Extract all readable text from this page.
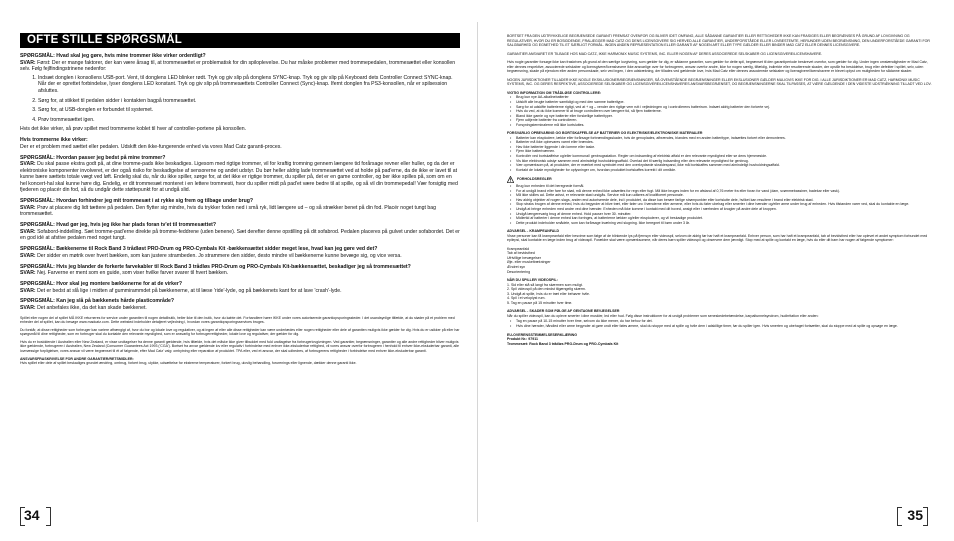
OFTE STILLE SPØRGSMÅL
SPØRGSMÅL: Hvad skal jeg gøre, hvis mine trommer ikke virker ordentligt?
SVAR: Først: Der er mange faktorer, der kan være årsag til, at trommesættet er problematisk for din spilopleveIse. Du har måske problemer med trommepedalen, trommesættet eller konsollen selv. Følg fejlfindingstrinene nedenfor:
1. Indsæt donglen i konsollens USB-port. Vent, til donglens LED blinker rødt. Tryk og giv slip på donglens SYNC-knap. Tryk og giv slip på Keyboard dets Controller Connect SYNC-knap. Når der er oprettet forbindelse, lyser donglens LED konstant. Tryk og giv slip på trommesættets Controller Connect (Sync)-knap. Ifernt donglen fra PS3-konsollen, når er spilsession afsluttes.
2. Sørg for, at stikket til pedalen sidder i kontakten bagpå trommesættet.
3. Sørg for, at USB-donglen er forbundet til systemet.
4. Prøv trommesættet igen.
Hvis det ikke virker, så prøv spillet med trommerne koblet til hver af controller-portene på konsollen.
Hvis trommerne ikke virker:
Der er et problem med sættet eller pedalen. Udskift den ikke-fungerende enhed via vores Mad Catz garanti-proces.
SPØRGSMÅL: Hvordan passer jeg bedst på mine trommer?
SVAR: Du skal passe ekstra godt på, at dine tromme-pads ikke beskadiges. Ligesom med rigtige trommer, vil for kraftig tromning gennem længere tid forårsage revner eller huller, og da der er elektroniske komponenter involveret, er der også risiko for beskadigelse af sensorerne og andet udstyr. Du bør heller aldrig lade trommesættet ved at holde på pad'erne, da de ikke er lavet til at kunne bære sættets totale vægt ved løft. Endelig skal du, når du ikke spiller, sørge for, at det ikke er rigtige trommer, du spiller på, det er en game controller, og ber ikke spilles på, som om en hel koncert-hal skal kunne høre dig. Endelig, er dit trommesæt monteret i en lettere trommesti, hvor du spiller midt på pad'et være bedre til at spille, og så vil din trommepedal! Vær forsigtig med fjederen og placér din fod, så du undgår dette støttepunkt for at undgå slid.
SPØRGSMÅL: Hvordan forhindrer jeg mit trommesæt i at rykke sig frem og tilbage under brug?
SVAR: Prøv at placere dig lidt tættere på pedalen. Den flytter sig mindre, hvis du trykker foden ned i små ryk, lidt længere ud – og så strækker benet på din fod. Placér noget tungt bag trommesættet.
SPØRGSMÅL: Hvad gør jeg, hvis jeg ikke har plads foran tv'et til trommesættet?
SVAR: Sofabord-inddelling. Sæt tromme-pad'erne direkte på tromme-feddrene (uden benene). Sæt derefter denne opstilling på dit sofabrod. Pedalen placeres på gulvet under sofabordet. Det er en god idé at afstive pedalen med noget tungt.
SPØRGSMÅL: Bækkenerne til Rock Band 3 trådløst PRO-Drum og PRO-Cymbals Kit -bækkensættet sidder meget lese, hvad kan jeg gøre ved det?
SVAR: Der sidder en møtrik over hvert bækken, som kan justere strambeden. Jo strammere den sidder, desto mindre vil bækkenerne kunne bevæge sig, og vice versa.
SPØRGSMÅL: Hvis jeg blander de forkerte farvekabler til Rock Band 3 trådløs PRO-Drum og PRO-Cymbals Kit-bækkensættet, beskadiger jeg så trommesættet?
SVAR: Nej. Farverne er ment som en guide, som viser hvilke farver svarer til hvert bækken.
SPØRGSMÅL: Hvor skal jeg montere bækkenerne for at de virker?
SVAR: Det er bedst at slå lige i midten af gummirammdet på bækkenerne, at til læse 'ride'-lyde, og på bækkenets kant for at lave 'crash'-lyde.
SPØRGSMÅL: Kan jeg slå på bækkenets hårde plasticområde?
SVAR: Det anbefales ikke, da det kan skade bækkenet.

Spillet eller nogen del af spillet MÅ IKKE returneres for service under garantien til nogen detailbutik, heller ikke til den butik, hvor du købte det. Forhandlere hører IKKE under vores autoriserede garantiopsporingssteder. I det usandsynlige tilfælde, at du støder på et problem med enheder del af spillet, kan du besøge www.madcatz.com. Dette websted indeholder detaljeret vejledning i, hvordan vores garantiopsporingsservices bruges.

Du forstår, at disse rettigheder som forbruger kan variere afhængigt af, hvor du bor og lokale love og regulativer, og at ingen af eller alle disse rettigheder kan være underlædes eller nogen rettigheder eller dele af garantien muligvis ikke gælder for dig. Hvis du er usikker på eller har spørgsmål til dine rettigheder, som en forbruger skal du kontakte den relevante myndighed, som er ansvarlig for forbrugerrettigheder, lokale love og regulativer, der gælder for dig.

Hvis du er bosiddende i Australien eller New Zealand, er visse undtagelser fra denne garanti gældende, hvis tilfælde, hvis det måske ikke giver tilbuddet med fuld undtagelse fra forbrugerlovgivningen. Ved garantier, begrænsninger, garantier og alle andre rettigheder bliver muligvis ikke gældende, forbrugeren i Australien, New Zealand (Consumer Guarantees Act 1993 ('CGA'). Bortset fra anvar gældende lov eller regulativ i forbindelse med enhver ikke-eksluderbar rettighed, vil vores ansvar overfor forbrugeren i henhold til enhver ikke-eksluderbar garanti, alle lovmæssige forpligtelser, vores ansvar vil være begrænset til ét af følgende, efter Mad Catz' valg: ombytning eller reparation af produktet. TPA eller, ved et ansvar, der skal udbedres, af forbrugerens rettigheder i forbindelse med enhver ikke-eksluderbar garanti.

ANSVARSFRASKRIVELSE FOR ANDRE GARANTIER/RETSMIDLER:

Hvis spillet eller dele af spillet beskadiges grundet ændring, ombrug, forkert brug, ulykke, udsættelse for ekstreme temperaturer, forkert brug, ulovlig behandling, forurenings eller lignende, dækker denne garanti ikke.

34	35

BORTSET FRA DEN UDTRYKKELIGE BEGRÆNSEDE GARANTI FREMSAT OVENFOR OG BLIVER IDET OMFANG, ALLE SÅDANNE GARANTIER ELLER RETTIGHEDER IKKE KAN FRASIGES ELLER BEGRÆNSES PÅ GRUND AF LOVGIVNING OG REGULATIVER, HVOR DU ER BOSIDDENDE, FRALÆGGER MAD CATZ OG DENS LICENSGIVERE SIG HERVED ALLE GARANTIER, UNDERFORSTÅEDE ELLER LOVBESTEMTE, HERUNDER UDEN BEGRÆNSNING, DEN UNDERFORSTÅEDE GARANTI FOR SALGBARHED OG EGNETHED TIL ET SÆRLIGT FORMÅL. INGEN ANDEN REPRÆSENTATION ELLER GARANTI AF NOGEN ART ELLER TYPE GÆLDER ELLER BINDER MAD CATZ ELLER DENNES LICENSGIVERE.

GARANTIER ANSVARET ER TILBAGE HOS MAD CATZ, IKKE HARMONIX MUSIC SYSTEMS, INC. ELLER NOGEN AF DERES ASSOCIEREDE SELSKABER OG LICENSGIVERE/LICENSHAVERE.

Hvis nogle garantier forsøge ikke kan fraskrives på grund af den særlige lovgivning, som gælder for dig, er sådanne garantier, som gælder for dette spil, begrænset til den garantiperiode beskrevet ovenfor, som gælder for dig. Under ingen omstændigheder er Mad Catz, eller dennes respektive, associerede selskaber og licensgivere/licenshavere ikke ansvarlige over for forbrugeren, ansvar overfor andre, ikke for nogen særlig, tilfældig, indirekte eller resulterende skader, der opstår fra besiddelse, brug eller defekter i spillet, selv, uden begrænsning, skade på ejendom eller anden personskade, selv ved ingen, i den udstrækning, der tillades ved gældende love, hvis Mad Catz eller dennes associerede selskaber og licensgivere/licenshavere er blevet oplyst om muligheden for sådanne skader.

NOGEN JURISDIKTIONER TILLADER IKKE NOGLE EKSKLUSIONER/BEGRÆNSNINGER, SÅ OVENSTÅENDE BEGRÆNSNINGER ELLER EKSLUSIONER GÆLDER MULIGVIS IKKE FOR DIG. I ALLE JURISDIKTIONER ER MAD CATZ, HARMONIX MUSIC SYSTEMS, INC. OG DERES RESPEKTIVE, ASSOCIEREDE SELSKABER OG LICENSGIVERE/LICENSHAVERES ANSVARSBEGRÆNSET, OG BEGRÆNSNINGERNE SKAL TILPASSES, AT VÆRE GÆLDENDE I DEN VIDESTE UDSTRÆKNING TILLADT VED LOV.

VIGTIG INFORMATION OM TRÅDLØSE CONTROLLERE:
• Brug kun nye AA-alkalinebatterier
• Udskift alle brugte batterier samtidigt og med den samme batteritype.
• Sørg for at udskifte batterierne rigtigt, ved at + og – vender den rigtige vem rutt i vejledningen og i controllerens batterirum. Indsæt aldrig batterier den forkerte vej.
• Hvis du ved, at du ikke kommer til at bruge controlleren over længere tid, så fjern batterierne.
• Bland ikke gamle og nye batterier eller forskellige batterityper.
• Fjern udtjente batterier fra controlleren.
• Forsyningsterminalerne må ikke kortsluttes.
FORSVARLIG OPBEVARING OG BORTSKAFFELSE AF BATTERIER OG ELEKTRISKE/ELEKTRONISKE MATERIALER
• Batterier kan eksplodere, lække eller forårsage forbrændingsskader, hvis de genoplades, afbrændes, blandes med en anden batteritype, indsættes forkert eller demonteres.
• Batterier må ikke opbevares varmt eller brændes.
• Hav ikke batterier liggende i din lomme eller taske.
• Fjern ikke batteriværnen.
• Kontrollér ved bortskaffelse og/eller kommunal/ genbrugsstation. Regler om indsamling af elektrisk affald er den relevante myndighed eller se dens hjemmeside.
• Vis ikke elektronisk udstyr sammen med almindeligt husholdningsaffald. Overlad det til særlig indsamling eller den relevante myndighed for genbrug.
• Vær opmærksom på, at produkter, der er mærket med symbolet med den overkrydsede skraldespand, ikke må bortskaffes sammen med almindeligt husholdningsaffald.
• Kontakt de lokale myndigheder for oplysninger om, hvordan produktet bortskaffes korrekt i dit område.
FORHOLDSREGLER
• Brug kun enheden til det beregnede formål.
• For at undgå brand eller fare for stød, må denne enhed ikke udsættes for regn eller fugt. Må ikke bruges inden for en afstand af 0,76 meter fra eller foran for vand (dam, svømmebassiner, badekar eller vask).
• Må ikke skilles ad. Dette ødvst, er relevante stød undgås. Service må kun udføres af kvalificeret personale.
• Hav aldrig objekter af nogen slags, anden end autoriserede dele, ind i produktet, da disse kan berøre farlige strømpunkter eller kortslutte dele, hvilket kan resultere i brand eller elektrisk stød.
• Stop straks brugen af denne enhed, hvis du begynder at blive træt, eller føler uro i hænderne eller armene, eller hvis du føler ubehag eller smerter i dine hænder og/eller arme under brug af enheden. Hvis tilstanden varer ved, skal du kontakte en læge.
• Undgå at bringe enheden med andre ved dine hænder. Enheden må ikke komme i kontakt med dit hoved, ansigt eller i nærheden af knogler på andre dele af kroppen.
• Undgå længerevarig brug af denne enhed. Hold pauser hver 30. minutter.
• Midlertid af batterier i denne enhed kan forringes, at batterierne lækker og/eller eksploderer, og vil beskadige produktet.
• Dette produkt indeholder smådele, som kan forårsage kvælning ved slugning. Ikke beregnet til børn under 3 år.
ADVARSEL - KRAMPEANFALD

Visse personer kan få krampeanfald eller besvime som følge af de blinkende lys på fjernsyn eller videospil, selvom de aldrig før har haft et krampeanfald. Enhver person, som har haft et krampeanfald, tab af bevidsthed eller har oplevet et andet symptom forbundet med epilepsi, skal kontakte en læge inden brug af videospil. Forældre skal være opmærksomme, når deres børn spiller videospil og observere dem jævnligt. Stop med at spille og kontakt en læge, hvis du eller dit barn har nogen af følgende symptomer:

Krampeanfald
Tab af bevidsthed
Ufrivillige bevægelser
Øje- eller muskeltrækninger
Ændret syn
Desorientering
NÅR DU SPILLER VIDEOSPIL:
1. Sid eller stå så langt fra skærmen som muligt.
2. Spil videospil på den mindst tilgængelig skærm.
3. Undgå at spille, hvis du er træt eller behøver hvile.
4. Spil i et veloplyst rum.
5. Tag en pause på 15 minutter hver time.
ADVARSEL - SKADER SOM FØLGE AF GENTAGNE BEVÆGELSER

Når du spiller videospil, kan du opleve smerter i dine muskler, led eller hud. Følg disse instruktioner for at undgå problemer som seneskedebetændelse, karpaltunnelsyndrom, hudirritation eller anden:

• Tag en pause på 10-15 minutter hver time, selvom du ikke mener, du har behov for det.
• Hvis dine hænder, håndled eller arme begynder at gøre ondt eller føles ømme, skal du stoppe med at spille og hvile dem i adskillige timer, før du spiller igen. Hvis smerten og ubehaget fortsætter, skal du stoppe med at spille og opsøge en læge.
EU-OVERENSSTEMMELSESERKLÆRING
Produkt Nr.: 97911
Trommesæt: Rock Band 3 trådløs PRO-Drum og PRO-Cymbals Kit
